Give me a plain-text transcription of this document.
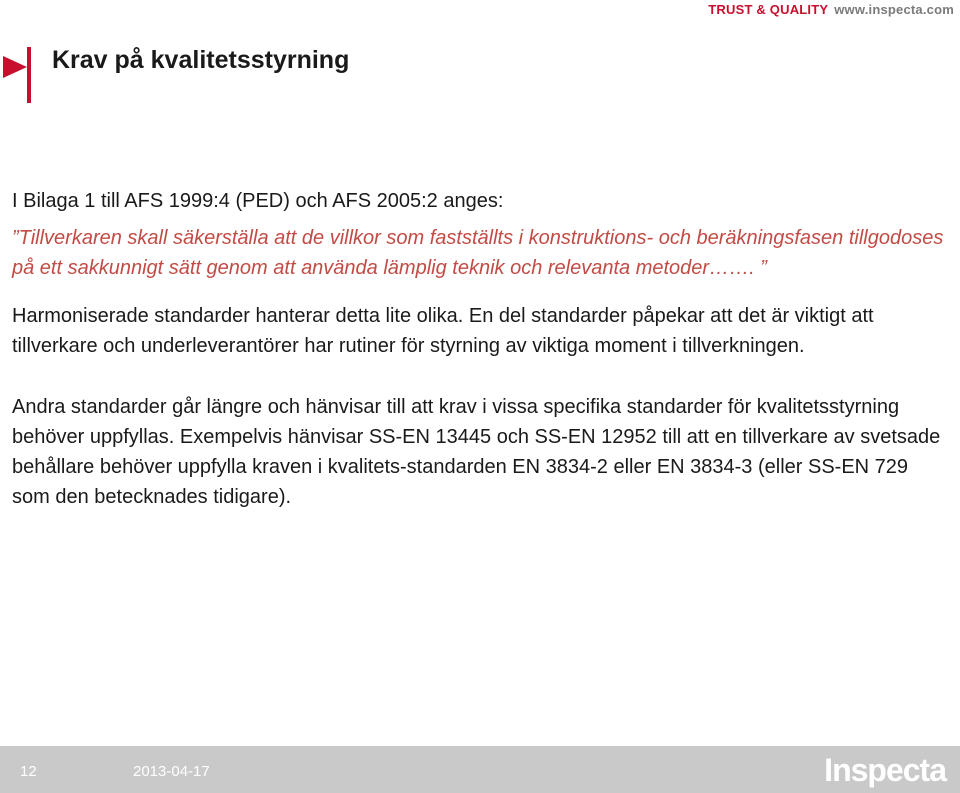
TRUST & QUALITY www.inspecta.com
Krav på kvalitetsstyrning

I Bilaga 1 till AFS 1999:4 (PED) och AFS 2005:2 anges:

”Tillverkaren skall säkerställa att de villkor som fastställts i konstruktions- och beräkningsfasen tillgodoses på ett sakkunnigt sätt genom att använda lämplig teknik och relevanta metoder……. ”

Harmoniserade standarder hanterar detta lite olika. En del standarder påpekar att det är viktigt att tillverkare och underleverantörer har rutiner för styrning av viktiga moment i tillverkningen.

Andra standarder går längre och hänvisar till att krav i vissa specifika standarder för kvalitetsstyrning behöver uppfyllas. Exempelvis hänvisar SS-EN 13445 och SS-EN 12952 till att en tillverkare av svetsade behållare behöver uppfylla kraven i kvalitets-standarden EN 3834-2 eller EN 3834-3 (eller SS-EN 729 som den betecknades tidigare).

12	2013-04-17	Inspecta
